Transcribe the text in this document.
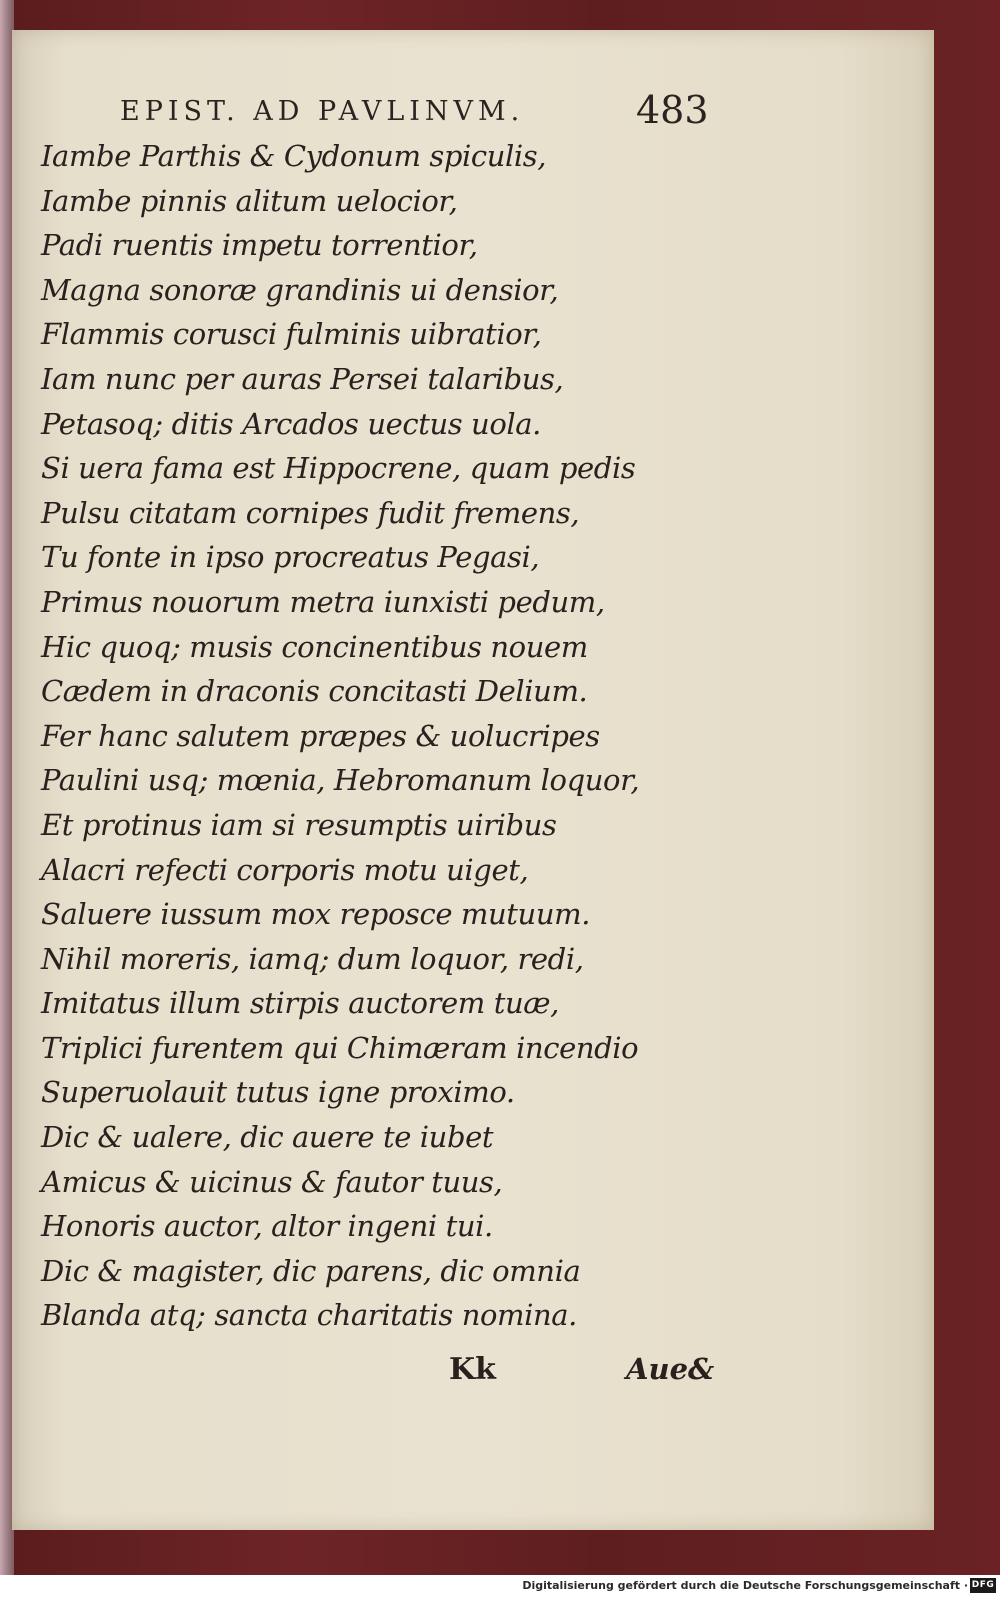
EPIST. AD PAVLINVM.	483
Iambe Parthis & Cydonum spiculis,
Iambe pinnis alitum uelocior,
Padi ruentis impetu torrentior,
Magna sonoræ grandinis ui densior,
Flammis corusci fulminis uibratior,
Iam nunc per auras Persei talaribus,
Petasoq; ditis Arcados uectus uola.
Si uera fama est Hippocrene, quam pedis
Pulsu citatam cornipes fudit fremens,
Tu fonte in ipso procreatus Pegasi,
Primus nouorum metra iunxisti pedum,
Hic quoq; musis concinentibus nouem
Cædem in draconis concitasti Delium.
Fer hanc salutem præpes & uolucripes
Paulini usq; mœnia, Hebromanum loquor,
Et protinus iam si resumptis uiribus
Alacri refecti corporis motu uiget,
Saluere iussum mox reposce mutuum.
Nihil moreris, iamq; dum loquor, redi,
Imitatus illum stirpis auctorem tuæ,
Triplici furentem qui Chimæram incendio
Superuolauit tutus igne proximo.
Dic & ualere, dic auere te iubet
Amicus & uicinus & fautor tuus,
Honoris auctor, altor ingeni tui.
Dic & magister, dic parens, dic omnia
Blanda atq; sancta charitatis nomina.
Kk	Aue&
Digitalisierung gefördert durch die Deutsche Forschungsgemeinschaft · DFG
